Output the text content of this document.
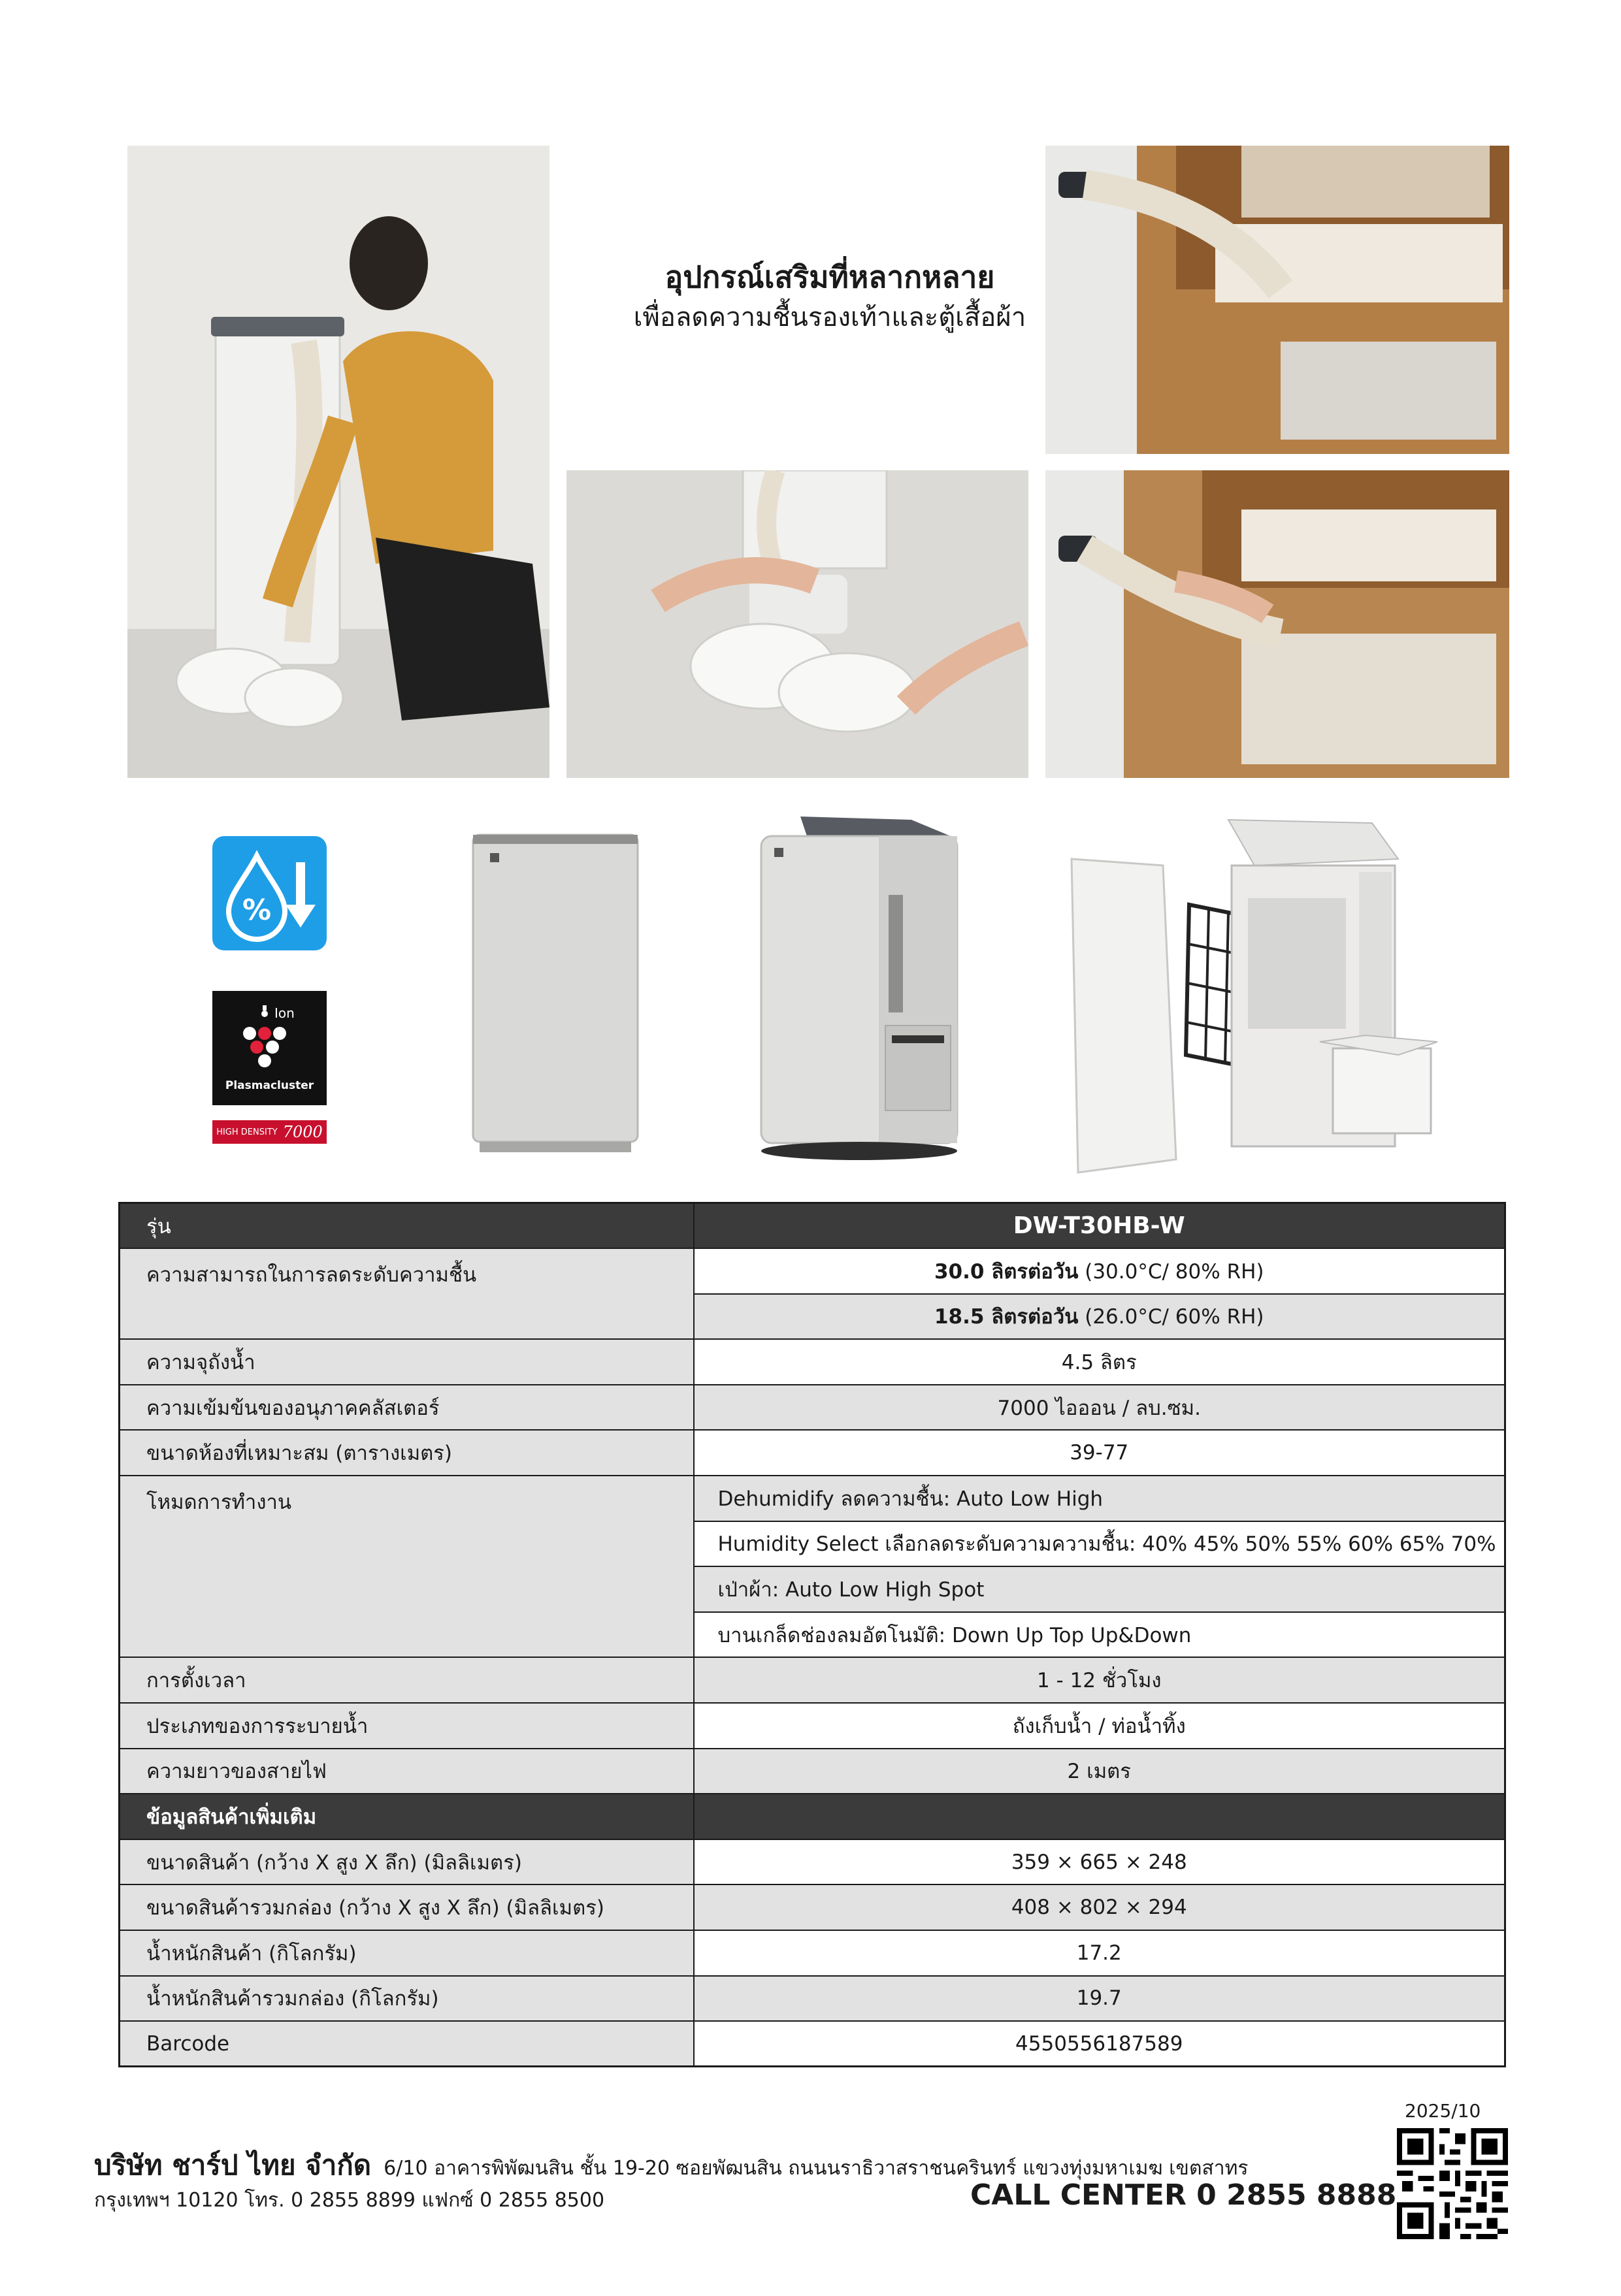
อุปกรณ์เสริมที่หลากหลาย
เพื่อลดความชื้นรองเท้าและตู้เสื้อผ้า
%
Ion
Plasmacluster
HIGH DENSITY 7000
รุ่น	DW-T30HB-W
ความสามารถในการลดระดับความชื้น	30.0 ลิตรต่อวัน (30.0°C/ 80% RH)
	18.5 ลิตรต่อวัน (26.0°C/ 60% RH)
ความจุถังน้ำ	4.5 ลิตร
ความเข้มข้นของอนุภาคคลัสเตอร์	7000 ไอออน / ลบ.ซม.
ขนาดห้องที่เหมาะสม (ตารางเมตร)	39-77
โหมดการทำงาน	Dehumidify ลดความชื้น: Auto Low High
	Humidity Select เลือกลดระดับความความชื้น: 40% 45% 50% 55% 60% 65% 70%
	เป่าผ้า: Auto Low High Spot
	บานเกล็ดช่องลมอัตโนมัติ: Down Up Top Up&Down
การตั้งเวลา	1 - 12 ชั่วโมง
ประเภทของการระบายน้ำ	ถังเก็บน้ำ / ท่อน้ำทิ้ง
ความยาวของสายไฟ	2 เมตร
ข้อมูลสินค้าเพิ่มเติม	
ขนาดสินค้า (กว้าง X สูง X ลึก) (มิลลิเมตร)	359 × 665 × 248
ขนาดสินค้ารวมกล่อง (กว้าง X สูง X ลึก) (มิลลิเมตร)	408 × 802 × 294
น้ำหนักสินค้า (กิโลกรัม)	17.2
น้ำหนักสินค้ารวมกล่อง (กิโลกรัม)	19.7
Barcode	4550556187589
2025/10
บริษัท ชาร์ป ไทย จำกัด 6/10 อาคารพิพัฒนสิน ชั้น 19-20 ซอยพัฒนสิน ถนนนราธิวาสราชนครินทร์ แขวงทุ่งมหาเมฆ เขตสาทร
กรุงเทพฯ 10120 โทร. 0 2855 8899 แฟกซ์ 0 2855 8500	CALL CENTER 0 2855 8888
